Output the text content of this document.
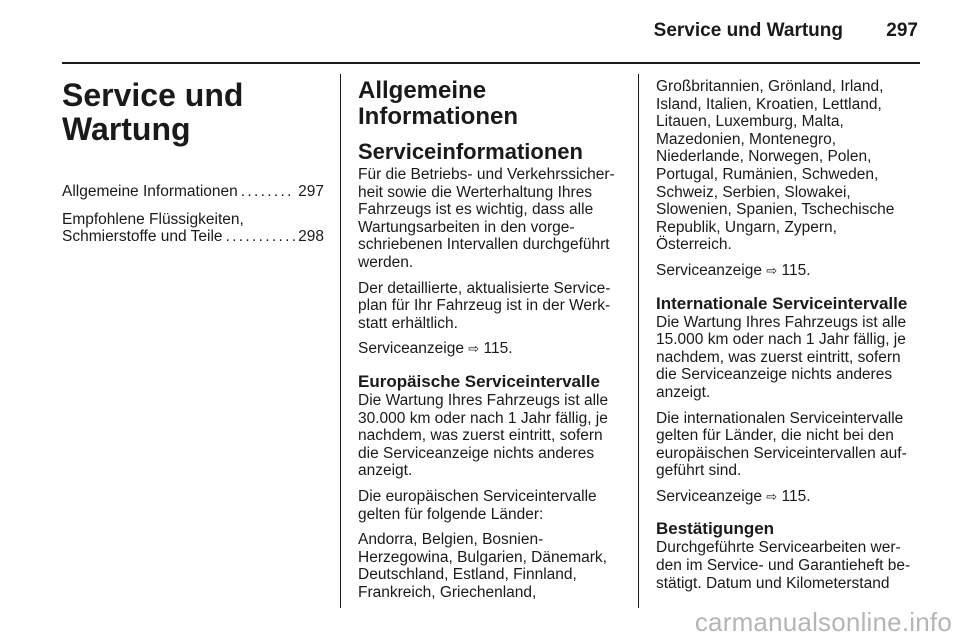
Service und Wartung	297
Service und Wartung
Allgemeine Informationen . . .	297
Empfohlene Flüssigkeiten,
Schmierstoffe und Teile . . .	298
Allgemeine
Informationen
Serviceinformationen
Für die Betriebs- und Verkehrssicher-
heit sowie die Werterhaltung Ihres
Fahrzeugs ist es wichtig, dass alle
Wartungsarbeiten in den vorge-
schriebenen Intervallen durchgeführt
werden.
Der detaillierte, aktualisierte Service-
plan für Ihr Fahrzeug ist in der Werk-
statt erhältlich.
Serviceanzeige ⇨ 115.
Europäische Serviceintervalle
Die Wartung Ihres Fahrzeugs ist alle
30.000 km oder nach 1 Jahr fällig, je
nachdem, was zuerst eintritt, sofern
die Serviceanzeige nichts anderes
anzeigt.
Die europäischen Serviceintervalle
gelten für folgende Länder:
Andorra, Belgien, Bosnien-
Herzegowina, Bulgarien, Dänemark,
Deutschland, Estland, Finnland,
Frankreich, Griechenland,
Großbritannien, Grönland, Irland,
Island, Italien, Kroatien, Lettland,
Litauen, Luxemburg, Malta,
Mazedonien, Montenegro,
Niederlande, Norwegen, Polen,
Portugal, Rumänien, Schweden,
Schweiz, Serbien, Slowakei,
Slowenien, Spanien, Tschechische
Republik, Ungarn, Zypern,
Österreich.
Serviceanzeige ⇨ 115.
Internationale Serviceintervalle
Die Wartung Ihres Fahrzeugs ist alle
15.000 km oder nach 1 Jahr fällig, je
nachdem, was zuerst eintritt, sofern
die Serviceanzeige nichts anderes
anzeigt.
Die internationalen Serviceintervalle
gelten für Länder, die nicht bei den
europäischen Serviceintervallen auf-
geführt sind.
Serviceanzeige ⇨ 115.
Bestätigungen
Durchgeführte Servicearbeiten wer-
den im Service- und Garantieheft be-
stätigt. Datum und Kilometerstand
carmanualsonline.info
